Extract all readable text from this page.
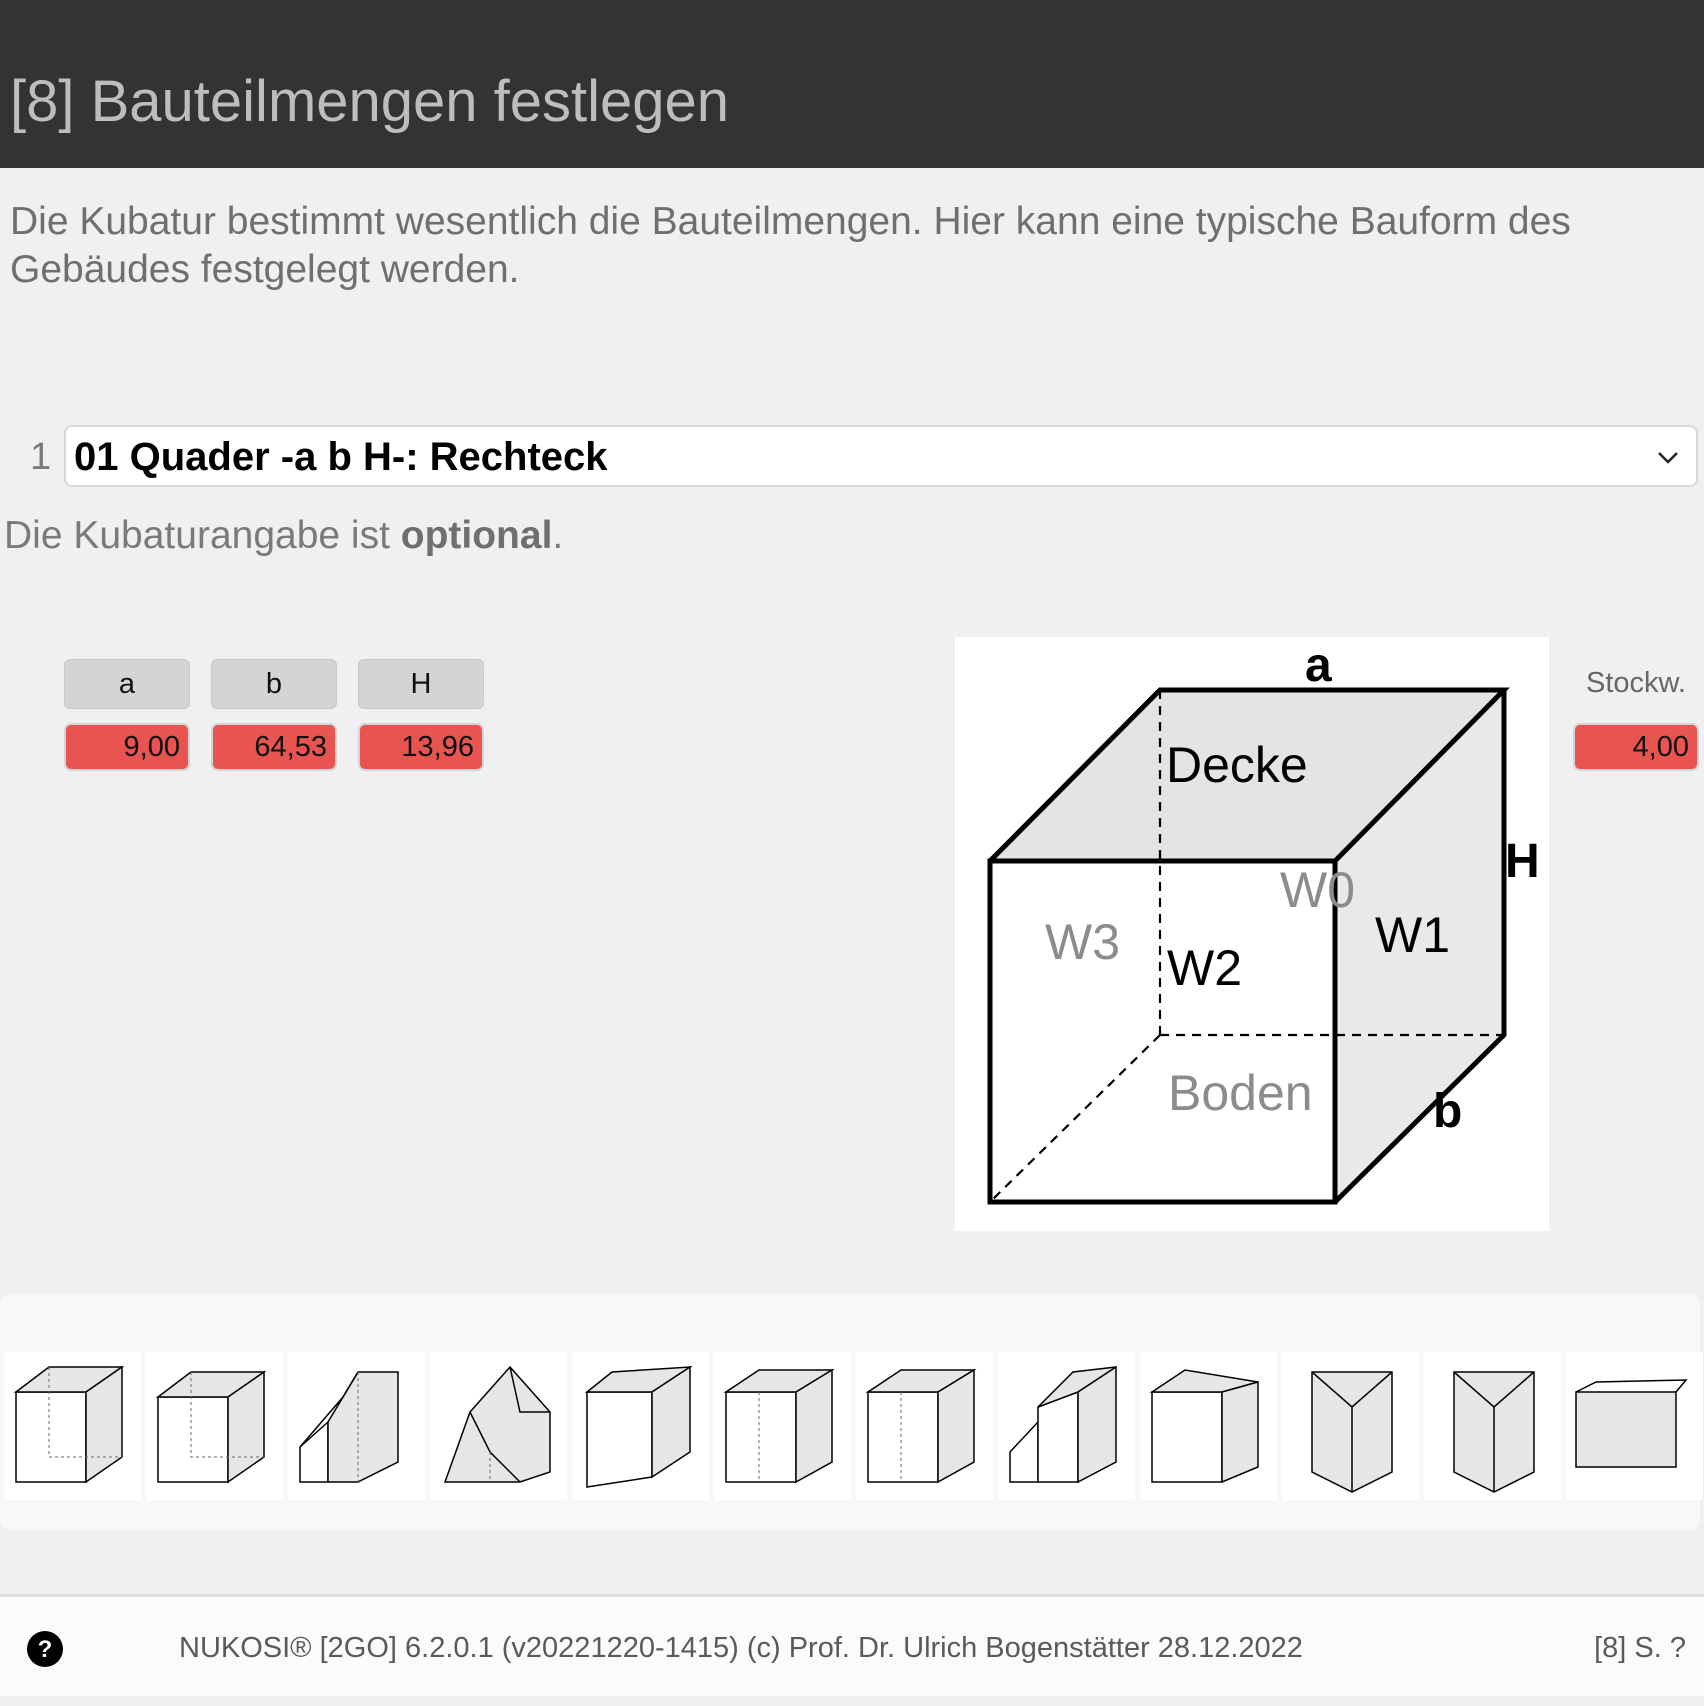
[8] Bauteilmengen festlegen
Die Kubatur bestimmt wesentlich die Bauteilmengen. Hier kann eine typische Bauform des Gebäudes festgelegt werden.
1 01 Quader -a b H-: Rechteck
Die Kubaturangabe ist optional.
a	b	H
9,00	64,53	13,96
a
H
b
Decke
W0
W1
W3 W2
Boden
Stockw.
4,00
?	NUKOSI® [2GO] 6.2.0.1 (v20221220-1415) (c) Prof. Dr. Ulrich Bogenstätter 28.12.2022	[8] S. ?
